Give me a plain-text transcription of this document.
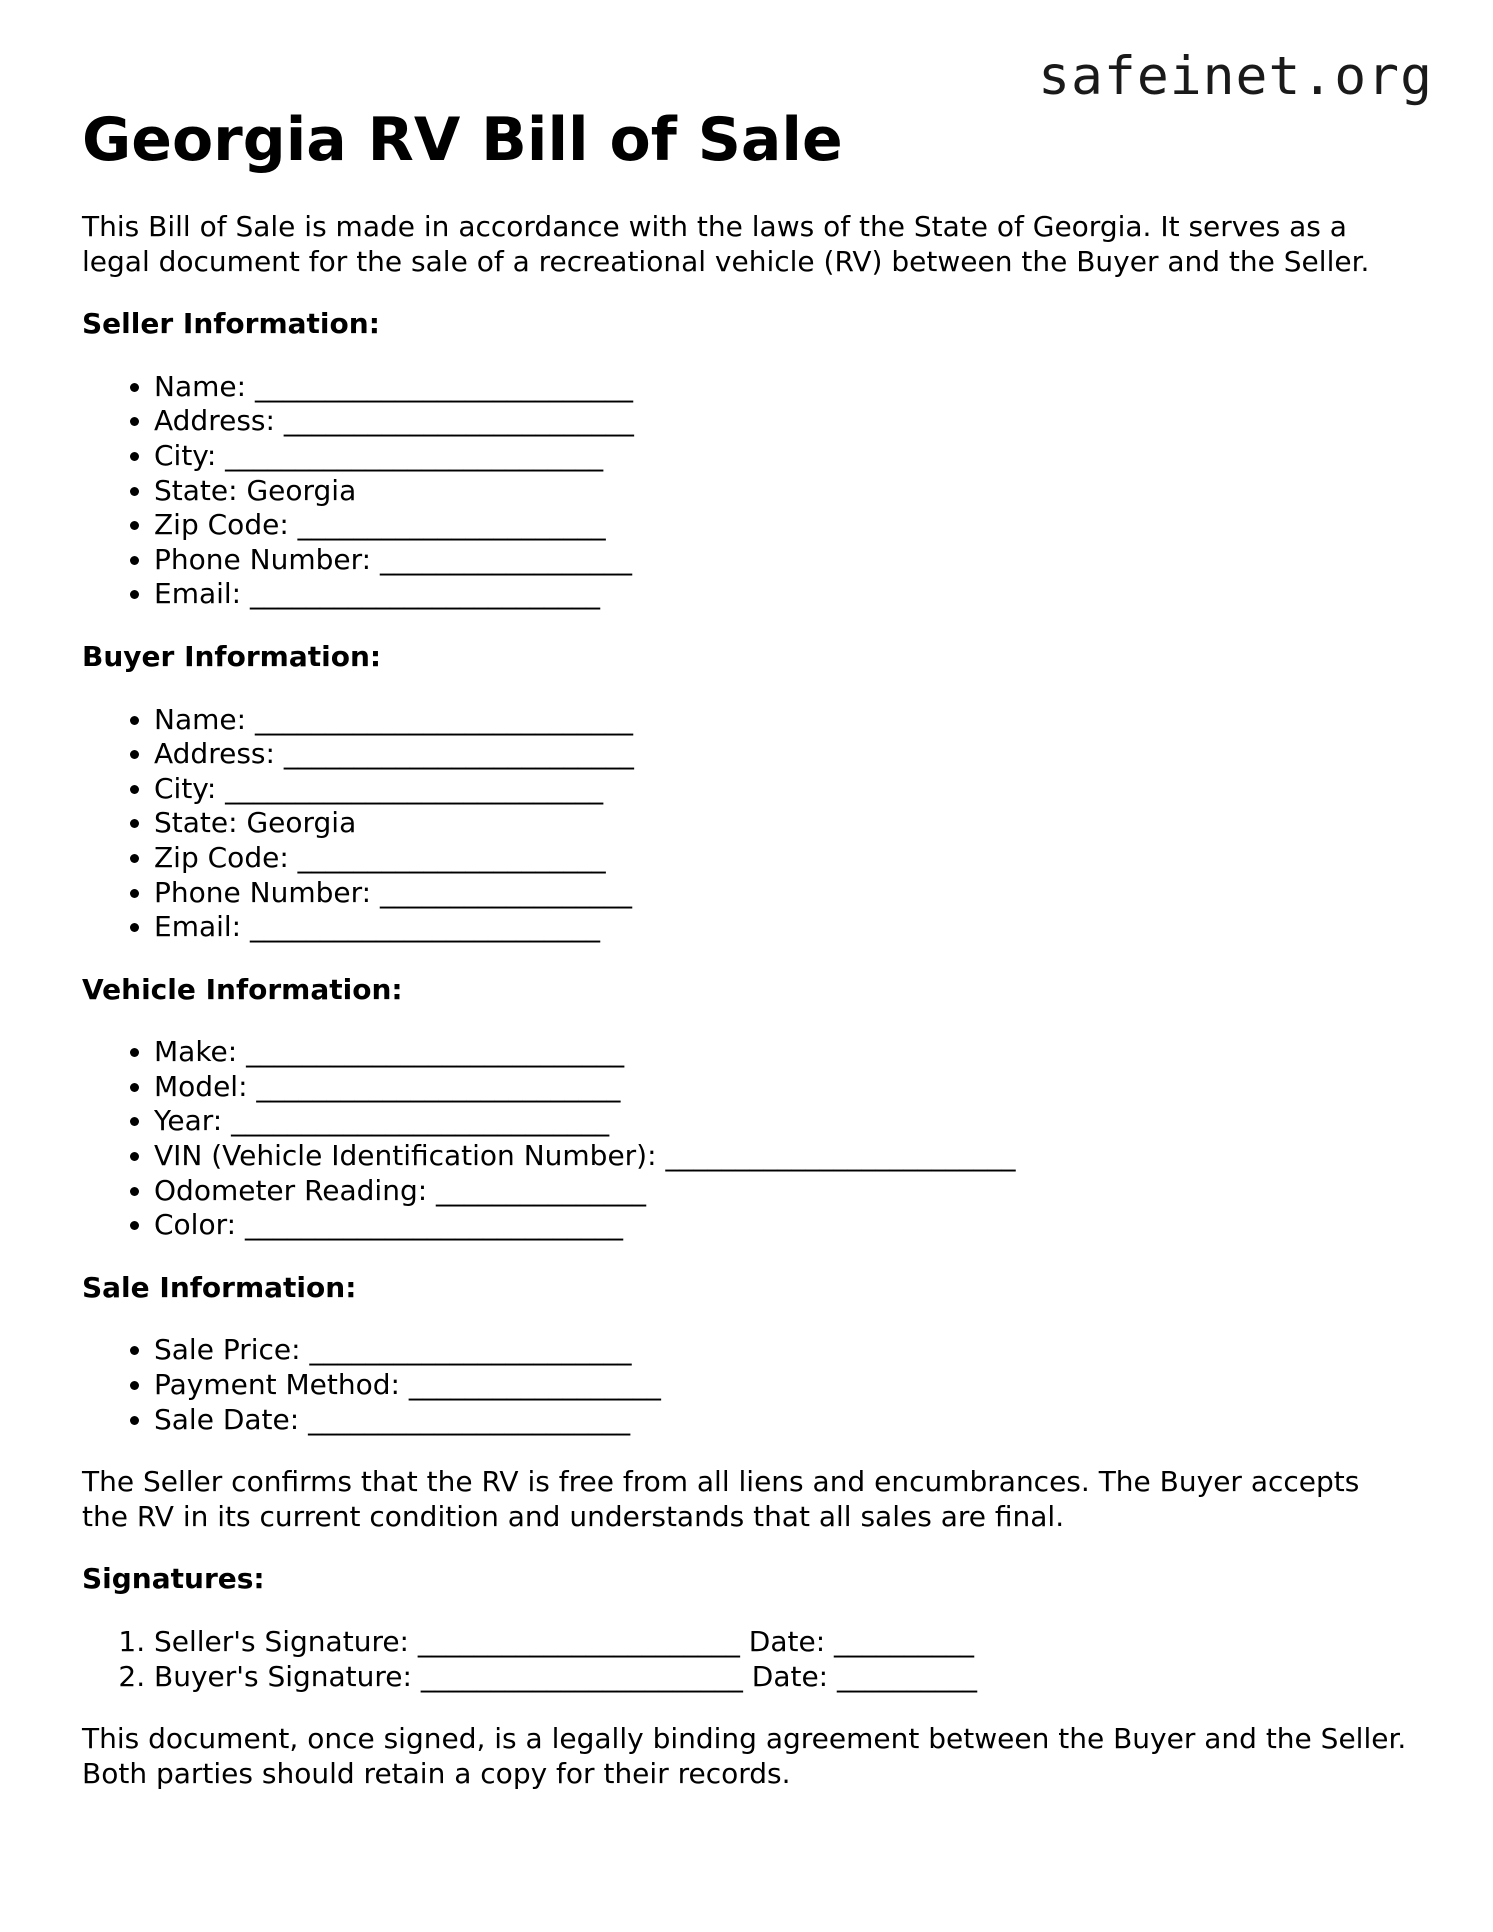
safeinet.org
Georgia RV Bill of Sale

This Bill of Sale is made in accordance with the laws of the State of Georgia. It serves as a legal document for the sale of a recreational vehicle (RV) between the Buyer and the Seller.

Seller Information:
• Name: ___________________________
• Address: _________________________
• City: ___________________________
• State: Georgia
• Zip Code: ______________________
• Phone Number: __________________
• Email: _________________________
Buyer Information:
• Name: ___________________________
• Address: _________________________
• City: ___________________________
• State: Georgia
• Zip Code: ______________________
• Phone Number: __________________
• Email: _________________________
Vehicle Information:
• Make: ___________________________
• Model: __________________________
• Year: ___________________________
• VIN (Vehicle Identification Number): _________________________
• Odometer Reading: _______________
• Color: ___________________________
Sale Information:
• Sale Price: _______________________
• Payment Method: __________________
• Sale Date: _______________________

The Seller confirms that the RV is free from all liens and encumbrances. The Buyer accepts the RV in its current condition and understands that all sales are final.

Signatures:
1. Seller's Signature: _______________________ Date: __________
2. Buyer's Signature: _______________________ Date: __________

This document, once signed, is a legally binding agreement between the Buyer and the Seller. Both parties should retain a copy for their records.
